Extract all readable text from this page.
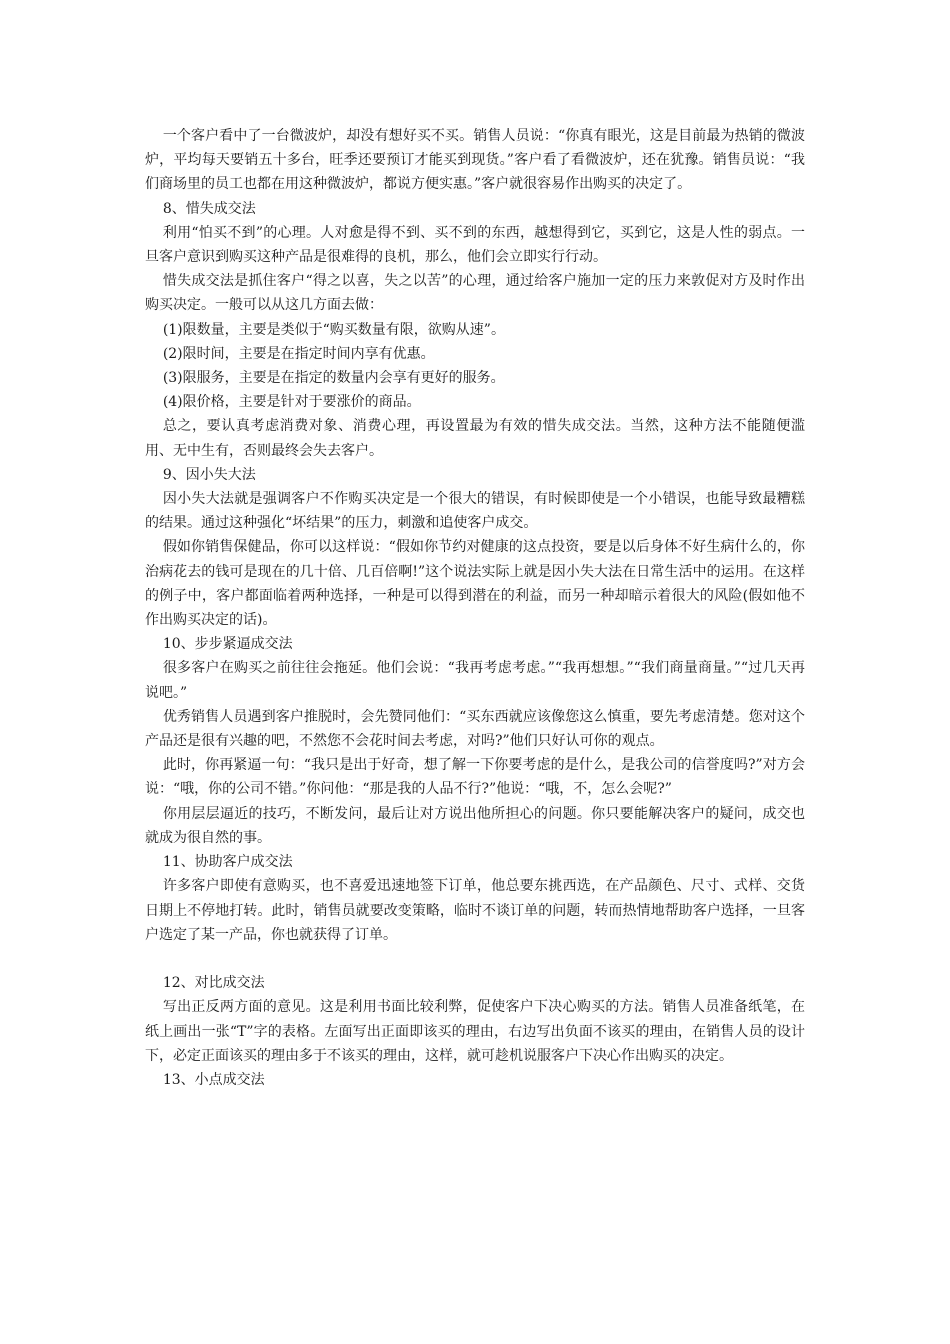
一个客户看中了一台微波炉，却没有想好买不买。销售人员说：“你真有眼光，这是目前最为热销的微波炉，平均每天要销五十多台，旺季还要预订才能买到现货。”客户看了看微波炉，还在犹豫。销售员说：“我们商场里的员工也都在用这种微波炉，都说方便实惠。”客户就很容易作出购买的决定了。

8、惜失成交法

利用“怕买不到”的心理。人对愈是得不到、买不到的东西，越想得到它，买到它，这是人性的弱点。一旦客户意识到购买这种产品是很难得的良机，那么，他们会立即实行行动。

惜失成交法是抓住客户“得之以喜，失之以苦”的心理，通过给客户施加一定的压力来敦促对方及时作出购买决定。一般可以从这几方面去做：

(1)限数量，主要是类似于“购买数量有限，欲购从速”。

(2)限时间，主要是在指定时间内享有优惠。

(3)限服务，主要是在指定的数量内会享有更好的服务。

(4)限价格，主要是针对于要涨价的商品。

总之，要认真考虑消费对象、消费心理，再设置最为有效的惜失成交法。当然，这种方法不能随便滥用、无中生有，否则最终会失去客户。

9、因小失大法

因小失大法就是强调客户不作购买决定是一个很大的错误，有时候即使是一个小错误，也能导致最糟糕的结果。通过这种强化“坏结果”的压力，刺激和追使客户成交。

假如你销售保健品，你可以这样说：“假如你节约对健康的这点投资，要是以后身体不好生病什么的，你治病花去的钱可是现在的几十倍、几百倍啊!”这个说法实际上就是因小失大法在日常生活中的运用。在这样的例子中，客户都面临着两种选择，一种是可以得到潜在的利益，而另一种却暗示着很大的风险(假如他不作出购买决定的话)。

10、步步紧逼成交法

很多客户在购买之前往往会拖延。他们会说：“我再考虑考虑。”“我再想想。”“我们商量商量。”“过几天再说吧。”

优秀销售人员遇到客户推脱时，会先赞同他们：“买东西就应该像您这么慎重，要先考虑清楚。您对这个产品还是很有兴趣的吧，不然您不会花时间去考虑，对吗?”他们只好认可你的观点。

此时，你再紧逼一句：“我只是出于好奇，想了解一下你要考虑的是什么，是我公司的信誉度吗?”对方会说：“哦，你的公司不错。”你问他：“那是我的人品不行?”他说：“哦，不，怎么会呢?”

你用层层逼近的技巧，不断发问，最后让对方说出他所担心的问题。你只要能解决客户的疑问，成交也就成为很自然的事。

11、协助客户成交法

许多客户即使有意购买，也不喜爱迅速地签下订单，他总要东挑西选，在产品颜色、尺寸、式样、交货日期上不停地打转。此时，销售员就要改变策略，临时不谈订单的问题，转而热情地帮助客户选择，一旦客户选定了某一产品，你也就获得了订单。

12、对比成交法

写出正反两方面的意见。这是利用书面比较利弊，促使客户下决心购买的方法。销售人员准备纸笔，在纸上画出一张“T”字的表格。左面写出正面即该买的理由，右边写出负面不该买的理由，在销售人员的设计下，必定正面该买的理由多于不该买的理由，这样，就可趁机说服客户下决心作出购买的决定。

13、小点成交法
